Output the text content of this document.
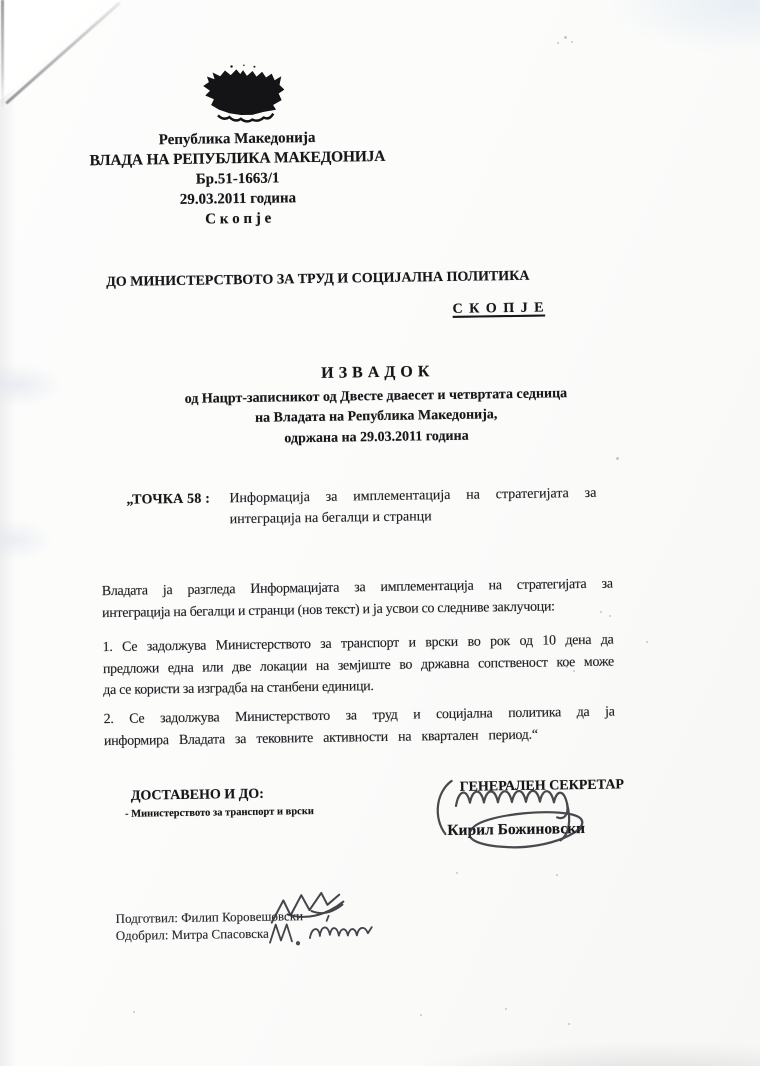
Република Македонија
ВЛАДА НА РЕПУБЛИКА МАКЕДОНИЈА
Бр.51-1663/1
29.03.2011 година
С к о п ј е
ДО МИНИСТЕРСТВОТО ЗА ТРУД И СОЦИЈАЛНА ПОЛИТИКА
С К О П Ј Е
И З В А Д О К
од Нацрт-записникот од Двесте дваесет и четвртата седница
на Владата на Република Македонија,
одржана на 29.03.2011 година
„ТОЧКА 58 :	Информација за имплементација на стратегијата за
интеграција на бегалци и странци

Владата ја разгледа Информацијата за имплементација на стратегијата за
интеграција на бегалци и странци (нов текст) и ја усвои со следниве заклучоци:

1. Се задолжува Министерството за транспорт и врски во рок од 10 дена да
предложи една или две локации на земјиште во државна сопственост кое може
да се користи за изградба на станбени единици.

2. Се задолжува Министерството за труд и социјална политика да ја
информира Владата за тековните активности на квартален период.“

ДОСТАВЕНО И ДО:
- Министерството за транспорт и врски
ГЕНЕРАЛЕН СЕКРЕТАР
Кирил Божиновски
Подготвил: Филип Коровешовски
Одобрил: Митра Спасовска
